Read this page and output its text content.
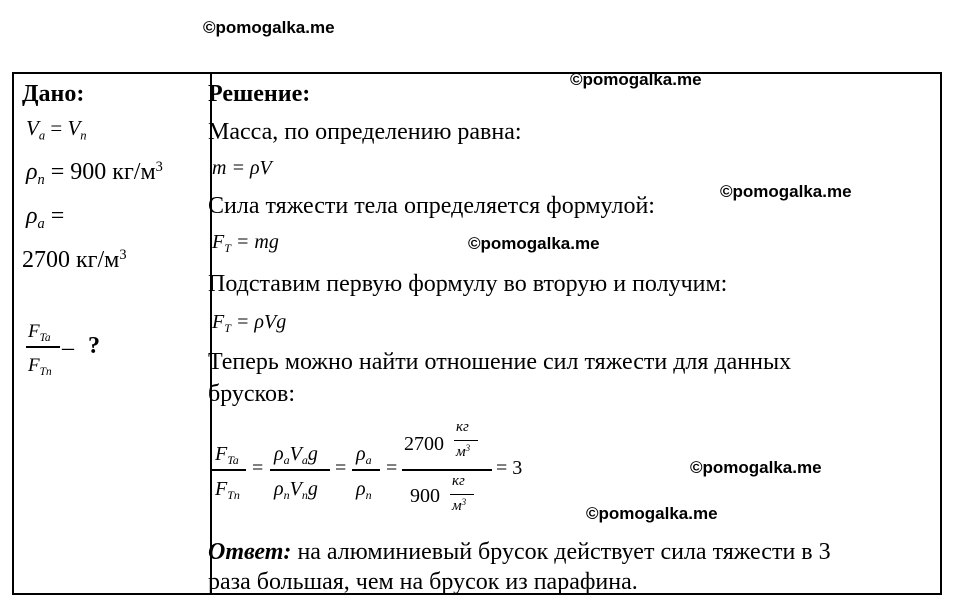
©pomogalka.me
©pomogalka.me
©pomogalka.me
©pomogalka.me
©pomogalka.me
©pomogalka.me
Дано:
$V_a = V_n$
$\rho_n = 900$ $кг/м^3$
$\rho_a$ =
2700 $кг/м^3$
$F_{Ta}$
$F_{Tn}$
– ?
Решение:
Масса, по определению равна:
m = ρV
Сила тяжести тела определяется формулой:
$F_T$ = mg
Подставим первую формулу во вторую и получим:
$F_T = \rho Vg$
Теперь можно найти отношение сил тяжести для данных
брусков:
$F_{Ta}$
$F_{Tn}$
=
$\rho_aV_ag$
$\rho_nV_ng$
=
$\rho_a$
$\rho_n$
=
2700
кг
$м^3$
900
кг
$м^3$
= 3
Ответ: на алюминиевый брусок действует сила тяжести в 3
раза большая, чем на брусок из парафина.
